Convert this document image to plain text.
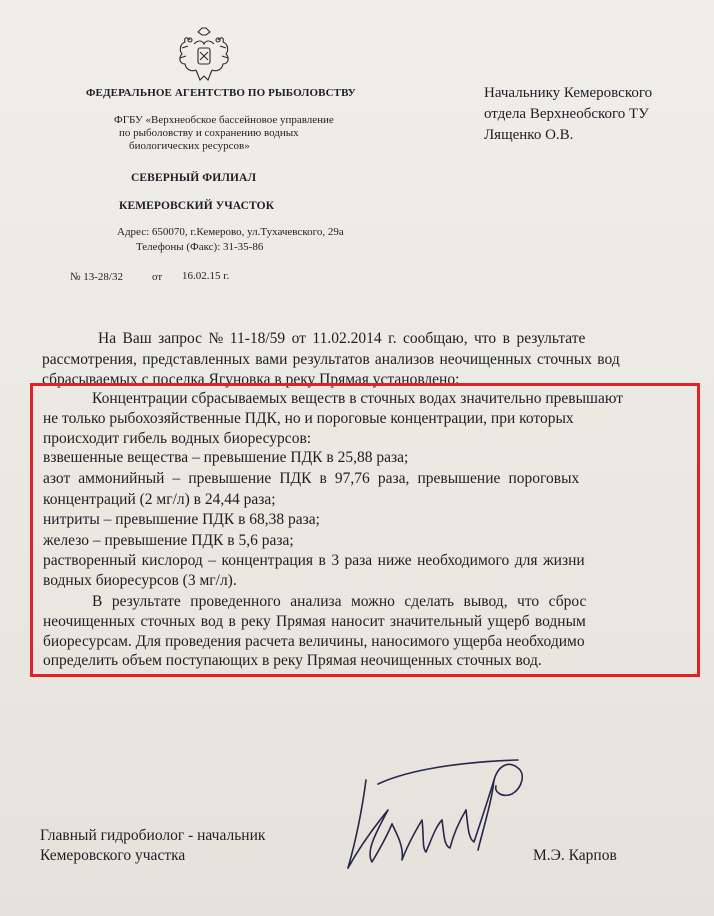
ФЕДЕРАЛЬНОЕ АГЕНТСТВО ПО РЫБОЛОВСТВУ
ФГБУ «Верхнеобское бассейновое управление
по рыболовству и сохранению водных
биологических ресурсов»
СЕВЕРНЫЙ ФИЛИАЛ
КЕМЕРОВСКИЙ УЧАСТОК
Адрес: 650070, г.Кемерово, ул.Тухачевского, 29а
Телефоны (Факс): 31-35-86
№ 13-28/32	от 16.02.15 г.
Начальнику Кемеровского
отдела Верхнеобского ТУ
Лященко О.В.
На Ваш запрос № 11-18/59 от 11.02.2014 г. сообщаю, что в результате
рассмотрения, представленных вами результатов анализов неочищенных сточных вод
сбрасываемых с поселка Ягуновка в реку Прямая установлено:
Концентрации сбрасываемых веществ в сточных водах значительно превышают
не только рыбохозяйственные ПДК, но и пороговые концентрации, при которых
происходит гибель водных биоресурсов:
взвешенные вещества – превышение ПДК в 25,88 раза;
азот аммонийный – превышение ПДК в 97,76 раза, превышение пороговых
концентраций (2 мг/л) в 24,44 раза;
нитриты – превышение ПДК в 68,38 раза;
железо – превышение ПДК в 5,6 раза;
растворенный кислород – концентрация в 3 раза ниже необходимого для жизни
водных биоресурсов (3 мг/л).
В результате проведенного анализа можно сделать вывод, что сброс
неочищенных сточных вод в реку Прямая наносит значительный ущерб водным
биоресурсам. Для проведения расчета величины, наносимого ущерба необходимо
определить объем поступающих в реку Прямая неочищенных сточных вод.
Главный гидробиолог - начальник
Кемеровского участка	М.Э. Карпов
